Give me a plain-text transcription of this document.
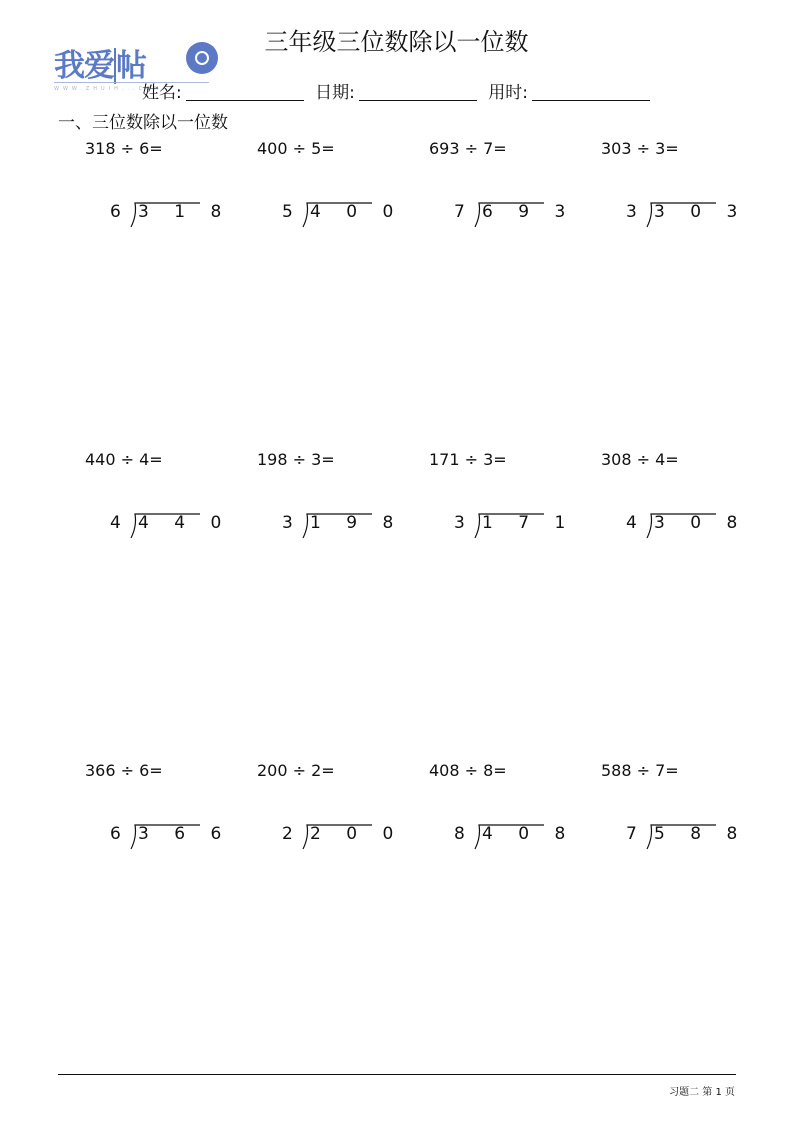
我爱帖
WWW.ZHUIH...COM
三年级三位数除以一位数
姓名:	日期:	用时:
一、三位数除以一位数
318 ÷ 6=
6 3 1 8
400 ÷ 5=
5 4 0 0
693 ÷ 7=
7 6 9 3
303 ÷ 3=
3 3 0 3
440 ÷ 4=
4 4 4 0
198 ÷ 3=
3 1 9 8
171 ÷ 3=
3 1 7 1
308 ÷ 4=
4 3 0 8
366 ÷ 6=
6 3 6 6
200 ÷ 2=
2 2 0 0
408 ÷ 8=
8 4 0 8
588 ÷ 7=
7 5 8 8
习题二 第 1 页
